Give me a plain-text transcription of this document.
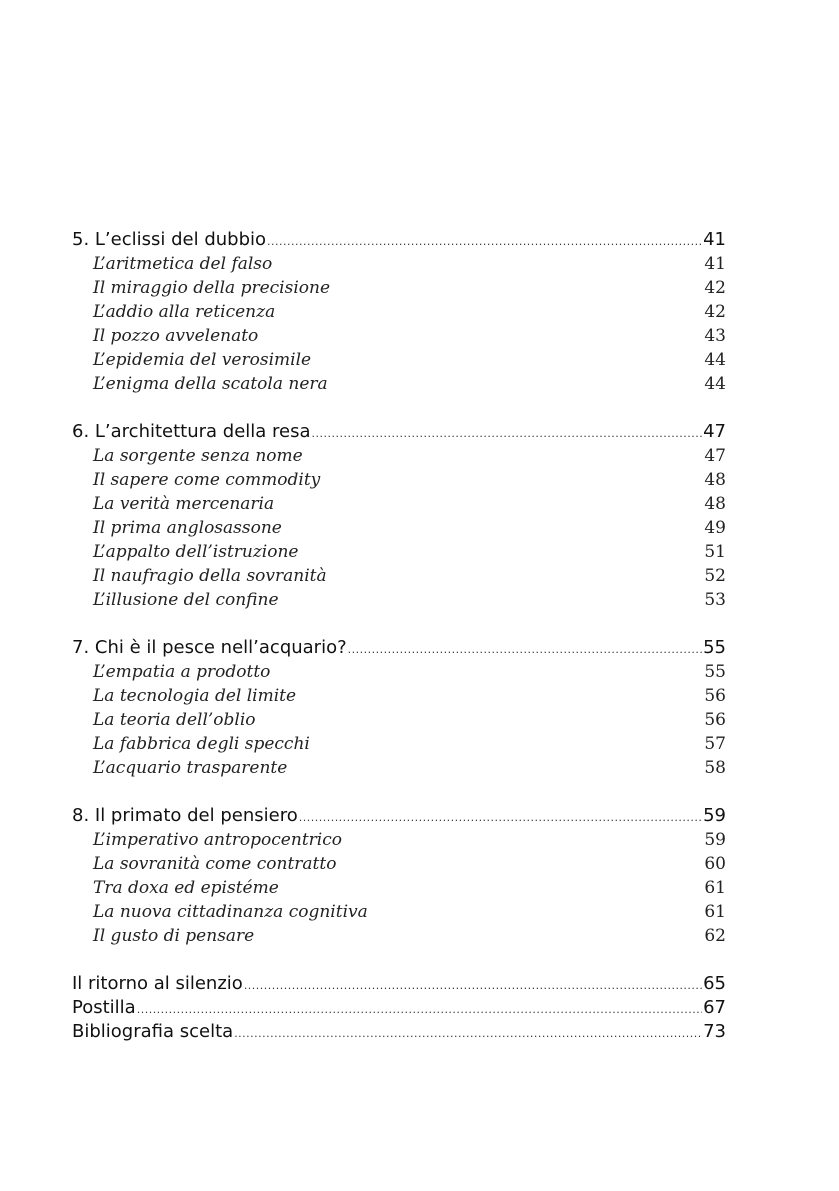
5. L’eclissi del dubbio .....	41
L’aritmetica del falso	41
Il miraggio della precisione	42
L’addio alla reticenza	42
Il pozzo avvelenato	43
L’epidemia del verosimile	44
L’enigma della scatola nera	44
6. L’architettura della resa .....	47
La sorgente senza nome	47
Il sapere come commodity	48
La verità mercenaria	48
Il prima anglosassone	49
L’appalto dell’istruzione	51
Il naufragio della sovranità	52
L’illusione del confine	53
7. Chi è il pesce nell’acquario? .....	55
L’empatia a prodotto	55
La tecnologia del limite	56
La teoria dell’oblio	56
La fabbrica degli specchi	57
L’acquario trasparente	58
8. Il primato del pensiero .....	59
L’imperativo antropocentrico	59
La sovranità come contratto	60
Tra doxa ed epistéme	61
La nuova cittadinanza cognitiva	61
Il gusto di pensare	62
Il ritorno al silenzio .....	65
Postilla .....	67
Bibliografia scelta .....	73
